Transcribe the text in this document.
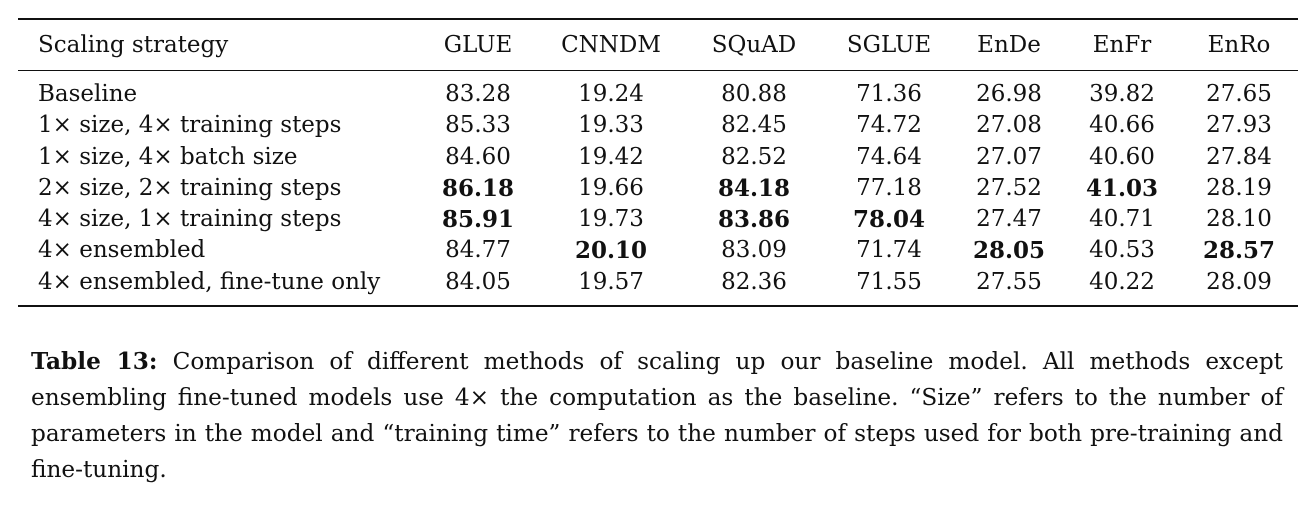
Scaling strategy	GLUE	CNNDM	SQuAD	SGLUE	EnDe	EnFr	EnRo
Baseline	83.28	19.24	80.88	71.36	26.98	39.82	27.65
1× size, 4× training steps	85.33	19.33	82.45	74.72	27.08	40.66	27.93
1× size, 4× batch size	84.60	19.42	82.52	74.64	27.07	40.60	27.84
2× size, 2× training steps	86.18	19.66	84.18	77.18	27.52	41.03	28.19
4× size, 1× training steps	85.91	19.73	83.86	78.04	27.47	40.71	28.10
4× ensembled	84.77	20.10	83.09	71.74	28.05	40.53	28.57
4× ensembled, fine-tune only	84.05	19.57	82.36	71.55	27.55	40.22	28.09
Table 13: Comparison of different methods of scaling up our baseline model. All methods except ensembling fine-tuned models use 4× the computation as the baseline. “Size” refers to the number of parameters in the model and “training time” refers to the number of steps used for both pre-training and fine-tuning.
